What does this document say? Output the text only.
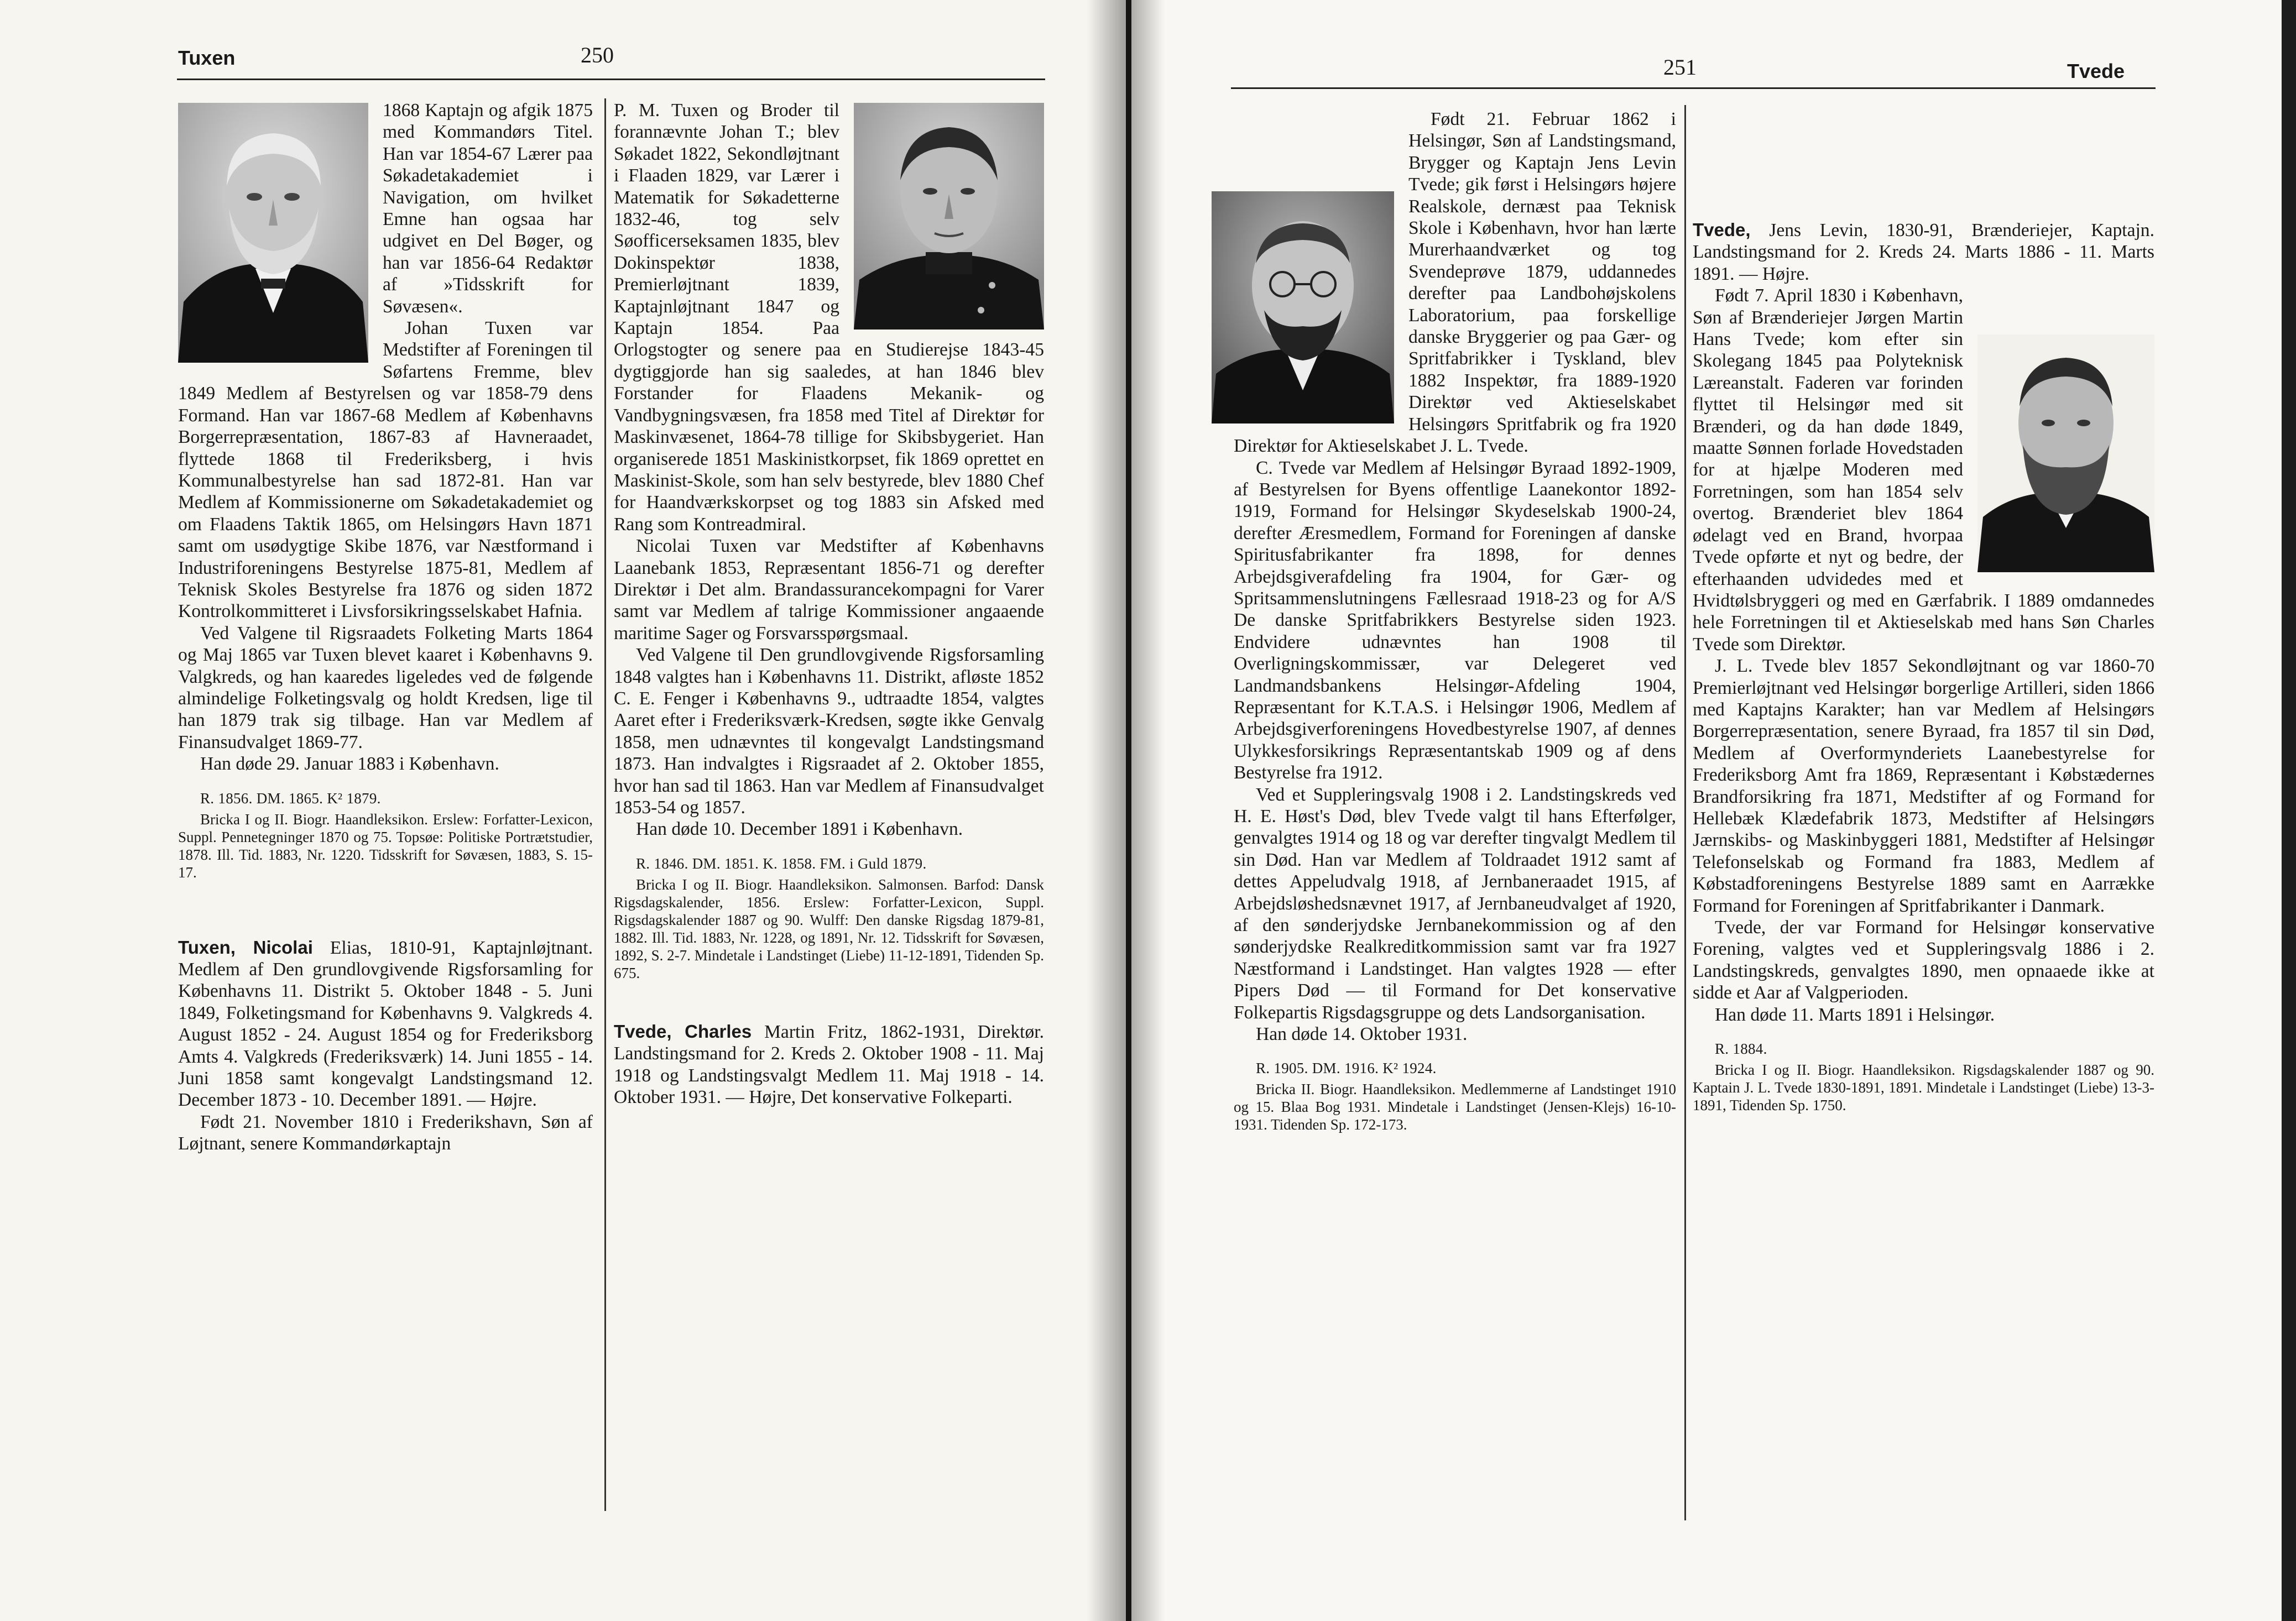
Tuxen	250

1868 Kaptajn og afgik 1875 med Kommandørs Titel. Han var 1854-67 Lærer paa Søkadetakademiet i Navigation, om hvilket Emne han ogsaa har udgivet en Del Bøger, og han var 1856-64 Redaktør af »Tidsskrift for Søvæsen«.

Johan Tuxen var Medstifter af Foreningen til Søfartens Fremme, blev 1849 Medlem af Bestyrelsen og var 1858-79 dens Formand. Han var 1867-68 Medlem af Københavns Borgerrepræsentation, 1867-83 af Havneraadet, flyttede 1868 til Frederiksberg, i hvis Kommunalbestyrelse han sad 1872-81. Han var Medlem af Kommissionerne om Søkadetakademiet og om Flaadens Taktik 1865, om Helsingørs Havn 1871 samt om usødygtige Skibe 1876, var Næstformand i Industriforeningens Bestyrelse 1875-81, Medlem af Teknisk Skoles Bestyrelse fra 1876 og siden 1872 Kontrolkommitteret i Livsforsikringsselskabet Hafnia.

Ved Valgene til Rigsraadets Folketing Marts 1864 og Maj 1865 var Tuxen blevet kaaret i Københavns 9. Valgkreds, og han kaaredes ligeledes ved de følgende almindelige Folketingsvalg og holdt Kredsen, lige til han 1879 trak sig tilbage. Han var Medlem af Finansudvalget 1869-77.

Han døde 29. Januar 1883 i København.

R. 1856. DM. 1865. K² 1879.

Bricka I og II. Biogr. Haandleksikon. Erslew: Forfatter-Lexicon, Suppl. Pennetegninger 1870 og 75. Topsøe: Politiske Portrætstudier, 1878. Ill. Tid. 1883, Nr. 1220. Tidsskrift for Søvæsen, 1883, S. 15-17.

Tuxen, Nicolai Elias, 1810-91, Kaptajnløjtnant. Medlem af Den grundlovgivende Rigsforsamling for Københavns 11. Distrikt 5. Oktober 1848 - 5. Juni 1849, Folketingsmand for Københavns 9. Valgkreds 4. August 1852 - 24. August 1854 og for Frederiksborg Amts 4. Valgkreds (Frederiksværk) 14. Juni 1855 - 14. Juni 1858 samt kongevalgt Landstingsmand 12. December 1873 - 10. December 1891. — Højre.

Født 21. November 1810 i Frederikshavn, Søn af Løjtnant, senere Kommandørkaptajn

P. M. Tuxen og Broder til forannævnte Johan T.; blev Søkadet 1822, Sekondløjtnant i Flaaden 1829, var Lærer i Matematik for Søkadetterne 1832-46, tog selv Søofficerseksamen 1835, blev Dokinspektør 1838, Premierløjtnant 1839, Kaptajnløjtnant 1847 og Kaptajn 1854. Paa Orlogstogter og senere paa en Studierejse 1843-45 dygtiggjorde han sig saaledes, at han 1846 blev Forstander for Flaadens Mekanik- og Vandbygningsvæsen, fra 1858 med Titel af Direktør for Maskinvæsenet, 1864-78 tillige for Skibsbygeriet. Han organiserede 1851 Maskinistkorpset, fik 1869 oprettet en Maskinist-Skole, som han selv bestyrede, blev 1880 Chef for Haandværkskorpset og tog 1883 sin Afsked med Rang som Kontreadmiral.

Nicolai Tuxen var Medstifter af Københavns Laanebank 1853, Repræsentant 1856-71 og derefter Direktør i Det alm. Brandassurancekompagni for Varer samt var Medlem af talrige Kommissioner angaaende maritime Sager og Forsvarsspørgsmaal.

Ved Valgene til Den grundlovgivende Rigsforsamling 1848 valgtes han i Københavns 11. Distrikt, afløste 1852 C. E. Fenger i Københavns 9., udtraadte 1854, valgtes Aaret efter i Frederiksværk-Kredsen, søgte ikke Genvalg 1858, men udnævntes til kongevalgt Landstingsmand 1873. Han indvalgtes i Rigsraadet af 2. Oktober 1855, hvor han sad til 1863. Han var Medlem af Finansudvalget 1853-54 og 1857.

Han døde 10. December 1891 i København.

R. 1846. DM. 1851. K. 1858. FM. i Guld 1879.

Bricka I og II. Biogr. Haandleksikon. Salmonsen. Barfod: Dansk Rigsdagskalender, 1856. Erslew: Forfatter-Lexicon, Suppl. Rigsdagskalender 1887 og 90. Wulff: Den danske Rigsdag 1879-81, 1882. Ill. Tid. 1883, Nr. 1228, og 1891, Nr. 12. Tidsskrift for Søvæsen, 1892, S. 2-7. Mindetale i Landstinget (Liebe) 11-12-1891, Tidenden Sp. 675.

Tvede, Charles Martin Fritz, 1862-1931, Direktør. Landstingsmand for 2. Kreds 2. Oktober 1908 - 11. Maj 1918 og Landstingsvalgt Medlem 11. Maj 1918 - 14. Oktober 1931. — Højre, Det konservative Folkeparti.

251	Tvede

Født 21. Februar 1862 i Helsingør, Søn af Landstingsmand, Brygger og Kaptajn Jens Levin Tvede; gik først i Helsingørs højere Realskole, dernæst paa Teknisk Skole i København, hvor han lærte Murerhaandværket og tog Svendeprøve 1879, uddannedes derefter paa Landbohøjskolens Laboratorium, paa forskellige danske Bryggerier og paa Gær- og Spritfabrikker i Tyskland, blev 1882 Inspektør, fra 1889-1920 Direktør ved Aktieselskabet Helsingørs Spritfabrik og fra 1920 Direktør for Aktieselskabet J. L. Tvede.

C. Tvede var Medlem af Helsingør Byraad 1892-1909, af Bestyrelsen for Byens offentlige Laanekontor 1892-1919, Formand for Helsingør Skydeselskab 1900-24, derefter Æresmedlem, Formand for Foreningen af danske Spiritusfabrikanter fra 1898, for dennes Arbejdsgiverafdeling fra 1904, for Gær- og Spritsammenslutningens Fællesraad 1918-23 og for A/S De danske Spritfabrikkers Bestyrelse siden 1923. Endvidere udnævntes han 1908 til Overligningskommissær, var Delegeret ved Landmandsbankens Helsingør-Afdeling 1904, Repræsentant for K.T.A.S. i Helsingør 1906, Medlem af Arbejdsgiverforeningens Hovedbestyrelse 1907, af dennes Ulykkesforsikrings Repræsentantskab 1909 og af dens Bestyrelse fra 1912.

Ved et Suppleringsvalg 1908 i 2. Landstingskreds ved H. E. Høst's Død, blev Tvede valgt til hans Efterfølger, genvalgtes 1914 og 18 og var derefter tingvalgt Medlem til sin Død. Han var Medlem af Toldraadet 1912 samt af dettes Appeludvalg 1918, af Jernbaneraadet 1915, af Arbejdsløshedsnævnet 1917, af Jernbaneudvalget af 1920, af den sønderjydske Jernbanekommission og af den sønderjydske Realkreditkommission samt var fra 1927 Næstformand i Landstinget. Han valgtes 1928 — efter Pipers Død — til Formand for Det konservative Folkepartis Rigsdagsgruppe og dets Landsorganisation.

Han døde 14. Oktober 1931.

R. 1905. DM. 1916. K² 1924.

Bricka II. Biogr. Haandleksikon. Medlemmerne af Landstinget 1910 og 15. Blaa Bog 1931. Mindetale i Landstinget (Jensen-Klejs) 16-10-1931. Tidenden Sp. 172-173.

Tvede, Jens Levin, 1830-91, Brænderiejer, Kaptajn. Landstingsmand for 2. Kreds 24. Marts 1886 - 11. Marts 1891. — Højre.

Født 7. April 1830 i København, Søn af Brænderiejer Jørgen Martin Hans Tvede; kom efter sin Skolegang 1845 paa Polyteknisk Læreanstalt. Faderen var forinden flyttet til Helsingør med sit Brænderi, og da han døde 1849, maatte Sønnen forlade Hovedstaden for at hjælpe Moderen med Forretningen, som han 1854 selv overtog. Brænderiet blev 1864 ødelagt ved en Brand, hvorpaa Tvede opførte et nyt og bedre, der efterhaanden udvidedes med et Hvidtølsbryggeri og med en Gærfabrik. I 1889 omdannedes hele Forretningen til et Aktieselskab med hans Søn Charles Tvede som Direktør.

J. L. Tvede blev 1857 Sekondløjtnant og var 1860-70 Premierløjtnant ved Helsingør borgerlige Artilleri, siden 1866 med Kaptajns Karakter; han var Medlem af Helsingørs Borgerrepræsentation, senere Byraad, fra 1857 til sin Død, Medlem af Overformynderiets Laanebestyrelse for Frederiksborg Amt fra 1869, Repræsentant i Købstædernes Brandforsikring fra 1871, Medstifter af og Formand for Hellebæk Klædefabrik 1873, Medstifter af Helsingørs Jærnskibs- og Maskinbyggeri 1881, Medstifter af Helsingør Telefonselskab og Formand fra 1883, Medlem af Købstadforeningens Bestyrelse 1889 samt en Aarrække Formand for Foreningen af Spritfabrikanter i Danmark.

Tvede, der var Formand for Helsingør konservative Forening, valgtes ved et Suppleringsvalg 1886 i 2. Landstingskreds, genvalgtes 1890, men opnaaede ikke at sidde et Aar af Valgperioden.

Han døde 11. Marts 1891 i Helsingør.

R. 1884.

Bricka I og II. Biogr. Haandleksikon. Rigsdagskalender 1887 og 90. Kaptain J. L. Tvede 1830-1891, 1891. Mindetale i Landstinget (Liebe) 13-3-1891, Tidenden Sp. 1750.
